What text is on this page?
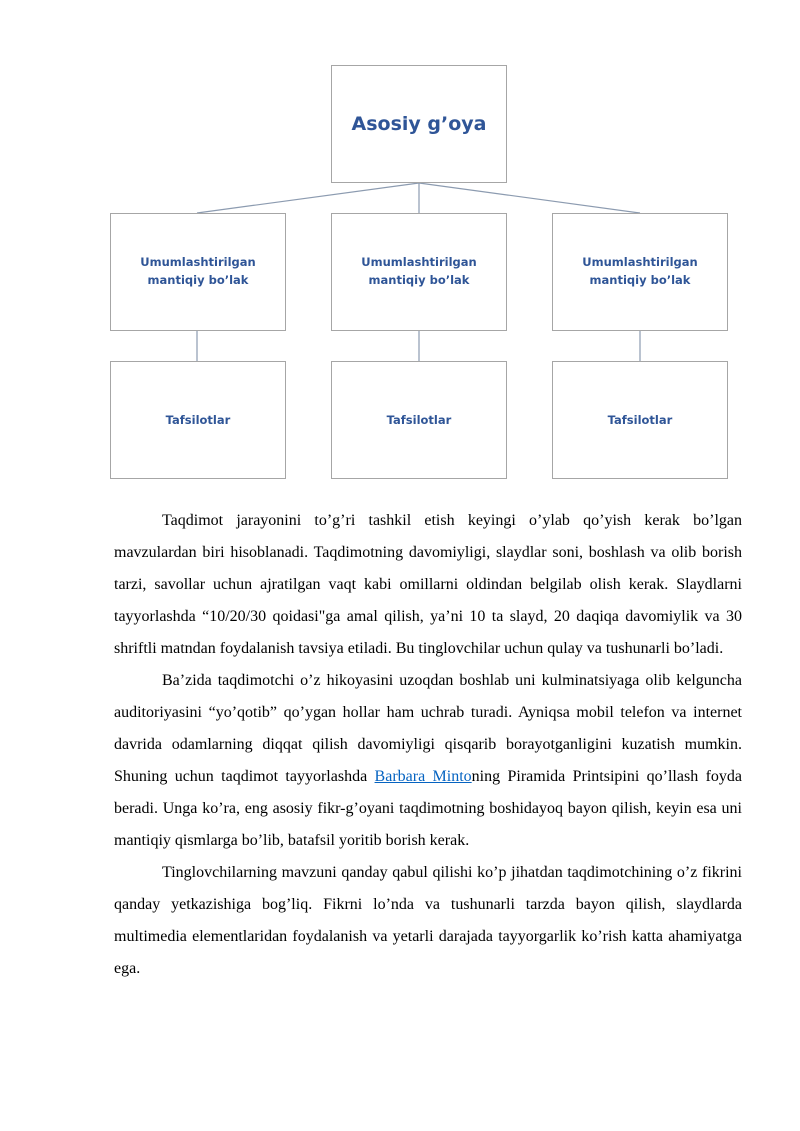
Asosiy g’oya
Umumlashtirilgan
mantiqiy bo’lak
Umumlashtirilgan
mantiqiy bo’lak
Umumlashtirilgan
mantiqiy bo’lak
Tafsilotlar	Tafsilotlar	Tafsilotlar

Taqdimot jarayonini to’g’ri tashkil etish keyingi o’ylab qo’yish kerak bo’lgan mavzulardan biri hisoblanadi. Taqdimotning davomiyligi, slaydlar soni, boshlash va olib borish tarzi, savollar uchun ajratilgan vaqt kabi omillarni oldindan belgilab olish kerak. Slaydlarni tayyorlashda “10/20/30 qoidasi"ga amal qilish, ya’ni 10 ta slayd, 20 daqiqa davomiylik va 30 shriftli matndan foydalanish tavsiya etiladi. Bu tinglovchilar uchun qulay va tushunarli bo’ladi.

Ba’zida taqdimotchi o’z hikoyasini uzoqdan boshlab uni kulminatsiyaga olib kelguncha auditoriyasini “yo’qotib” qo’ygan hollar ham uchrab turadi. Ayniqsa mobil telefon va internet davrida odamlarning diqqat qilish davomiyligi qisqarib borayotganligini kuzatish mumkin. Shuning uchun taqdimot tayyorlashda Barbara Mintoning Piramida Printsipini qo’llash foyda beradi. Unga ko’ra, eng asosiy fikr-g’oyani taqdimotning boshidayoq bayon qilish, keyin esa uni mantiqiy qismlarga bo’lib, batafsil yoritib borish kerak.

Tinglovchilarning mavzuni qanday qabul qilishi ko’p jihatdan taqdimotchining o’z fikrini qanday yetkazishiga bog’liq. Fikrni lo’nda va tushunarli tarzda bayon qilish, slaydlarda multimedia elementlaridan foydalanish va yetarli darajada tayyorgarlik ko’rish katta ahamiyatga ega.
